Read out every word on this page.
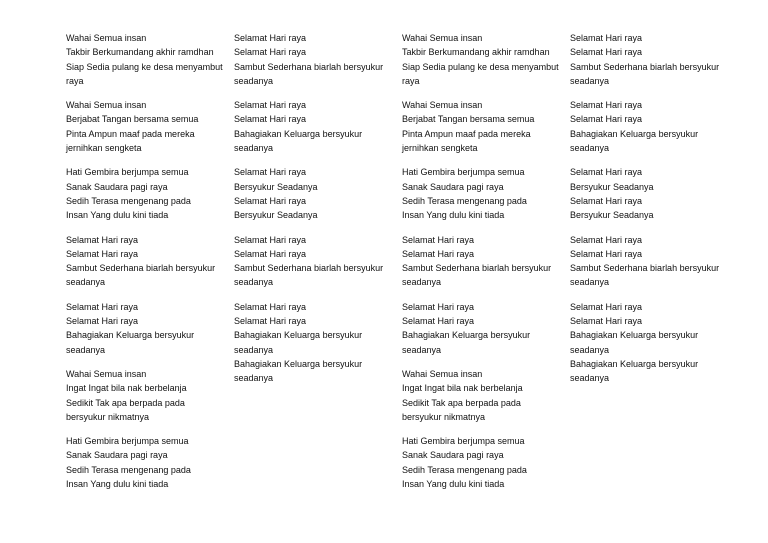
Wahai Semua insan
Takbir Berkumandang akhir ramdhan
Siap Sedia pulang ke desa menyambut raya
Wahai Semua insan
Berjabat Tangan bersama semua
Pinta Ampun maaf pada mereka jernihkan sengketa
Hati Gembira berjumpa semua
Sanak Saudara pagi raya
Sedih Terasa mengenang pada
Insan Yang dulu kini tiada
Selamat Hari raya
Selamat Hari raya
Sambut Sederhana biarlah bersyukur seadanya
Selamat Hari raya
Selamat Hari raya
Bahagiakan Keluarga bersyukur seadanya
Wahai Semua insan
Ingat Ingat bila nak berbelanja
Sedikit Tak apa berpada pada bersyukur nikmatnya
Hati Gembira berjumpa semua
Sanak Saudara pagi raya
Sedih Terasa mengenang pada
Insan Yang dulu kini tiada
Selamat Hari raya
Selamat Hari raya
Sambut Sederhana biarlah bersyukur seadanya
Selamat Hari raya
Selamat Hari raya
Bahagiakan Keluarga bersyukur seadanya
Selamat Hari raya
Bersyukur Seadanya
Selamat Hari raya
Bersyukur Seadanya
Selamat Hari raya
Selamat Hari raya
Sambut Sederhana biarlah bersyukur seadanya
Selamat Hari raya
Selamat Hari raya
Bahagiakan Keluarga bersyukur seadanya
Bahagiakan Keluarga bersyukur seadanya
Wahai Semua insan
Takbir Berkumandang akhir ramdhan
Siap Sedia pulang ke desa menyambut raya
Wahai Semua insan
Berjabat Tangan bersama semua
Pinta Ampun maaf pada mereka jernihkan sengketa
Hati Gembira berjumpa semua
Sanak Saudara pagi raya
Sedih Terasa mengenang pada
Insan Yang dulu kini tiada
Selamat Hari raya
Selamat Hari raya
Sambut Sederhana biarlah bersyukur seadanya
Selamat Hari raya
Selamat Hari raya
Bahagiakan Keluarga bersyukur seadanya
Wahai Semua insan
Ingat Ingat bila nak berbelanja
Sedikit Tak apa berpada pada bersyukur nikmatnya
Hati Gembira berjumpa semua
Sanak Saudara pagi raya
Sedih Terasa mengenang pada
Insan Yang dulu kini tiada
Selamat Hari raya
Selamat Hari raya
Sambut Sederhana biarlah bersyukur seadanya
Selamat Hari raya
Selamat Hari raya
Bahagiakan Keluarga bersyukur seadanya
Selamat Hari raya
Bersyukur Seadanya
Selamat Hari raya
Bersyukur Seadanya
Selamat Hari raya
Selamat Hari raya
Sambut Sederhana biarlah bersyukur seadanya
Selamat Hari raya
Selamat Hari raya
Bahagiakan Keluarga bersyukur seadanya
Bahagiakan Keluarga bersyukur seadanya
